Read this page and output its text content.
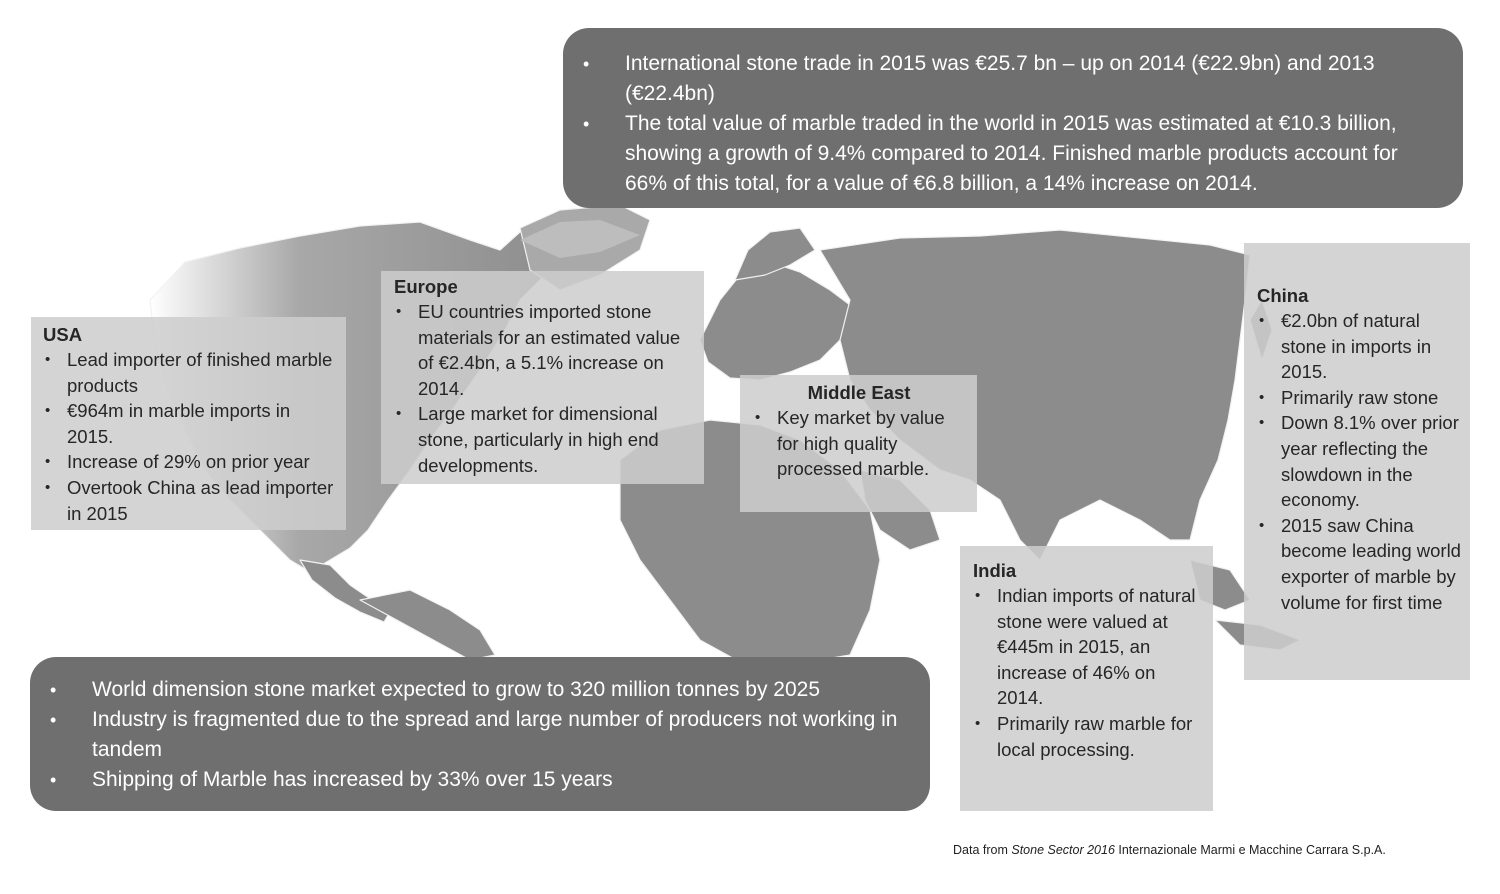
• International stone trade in 2015 was €25.7 bn – up on 2014 (€22.9bn) and 2013 (€22.4bn)
• The total value of marble traded in the world in 2015 was estimated at €10.3 billion, showing a growth of 9.4% compared to 2014. Finished marble products account for 66% of this total, for a value of €6.8 billion, a 14% increase on 2014.
USA
• Lead importer of finished marble products
• €964m in marble imports in 2015.
• Increase of 29% on prior year
• Overtook China as lead importer in 2015
Europe
• EU countries imported stone materials for an estimated value of €2.4bn, a 5.1% increase on 2014.
• Large market for dimensional stone, particularly in high end developments.
Middle East
• Key market by value for high quality processed marble.
China
• €2.0bn of natural stone in imports in 2015.
• Primarily raw stone
• Down 8.1% over prior year reflecting the slowdown in the economy.
• 2015 saw China become leading world exporter of marble by volume for first time
India
• Indian imports of natural stone were valued at €445m in 2015, an increase of 46% on 2014.
• Primarily raw marble for local processing.
• World dimension stone market expected to grow to 320 million tonnes by 2025
• Industry is fragmented due to the spread and large number of producers not working in tandem
• Shipping of Marble has increased by 33% over 15 years
Data from Stone Sector 2016 Internazionale Marmi e Macchine Carrara S.p.A.
